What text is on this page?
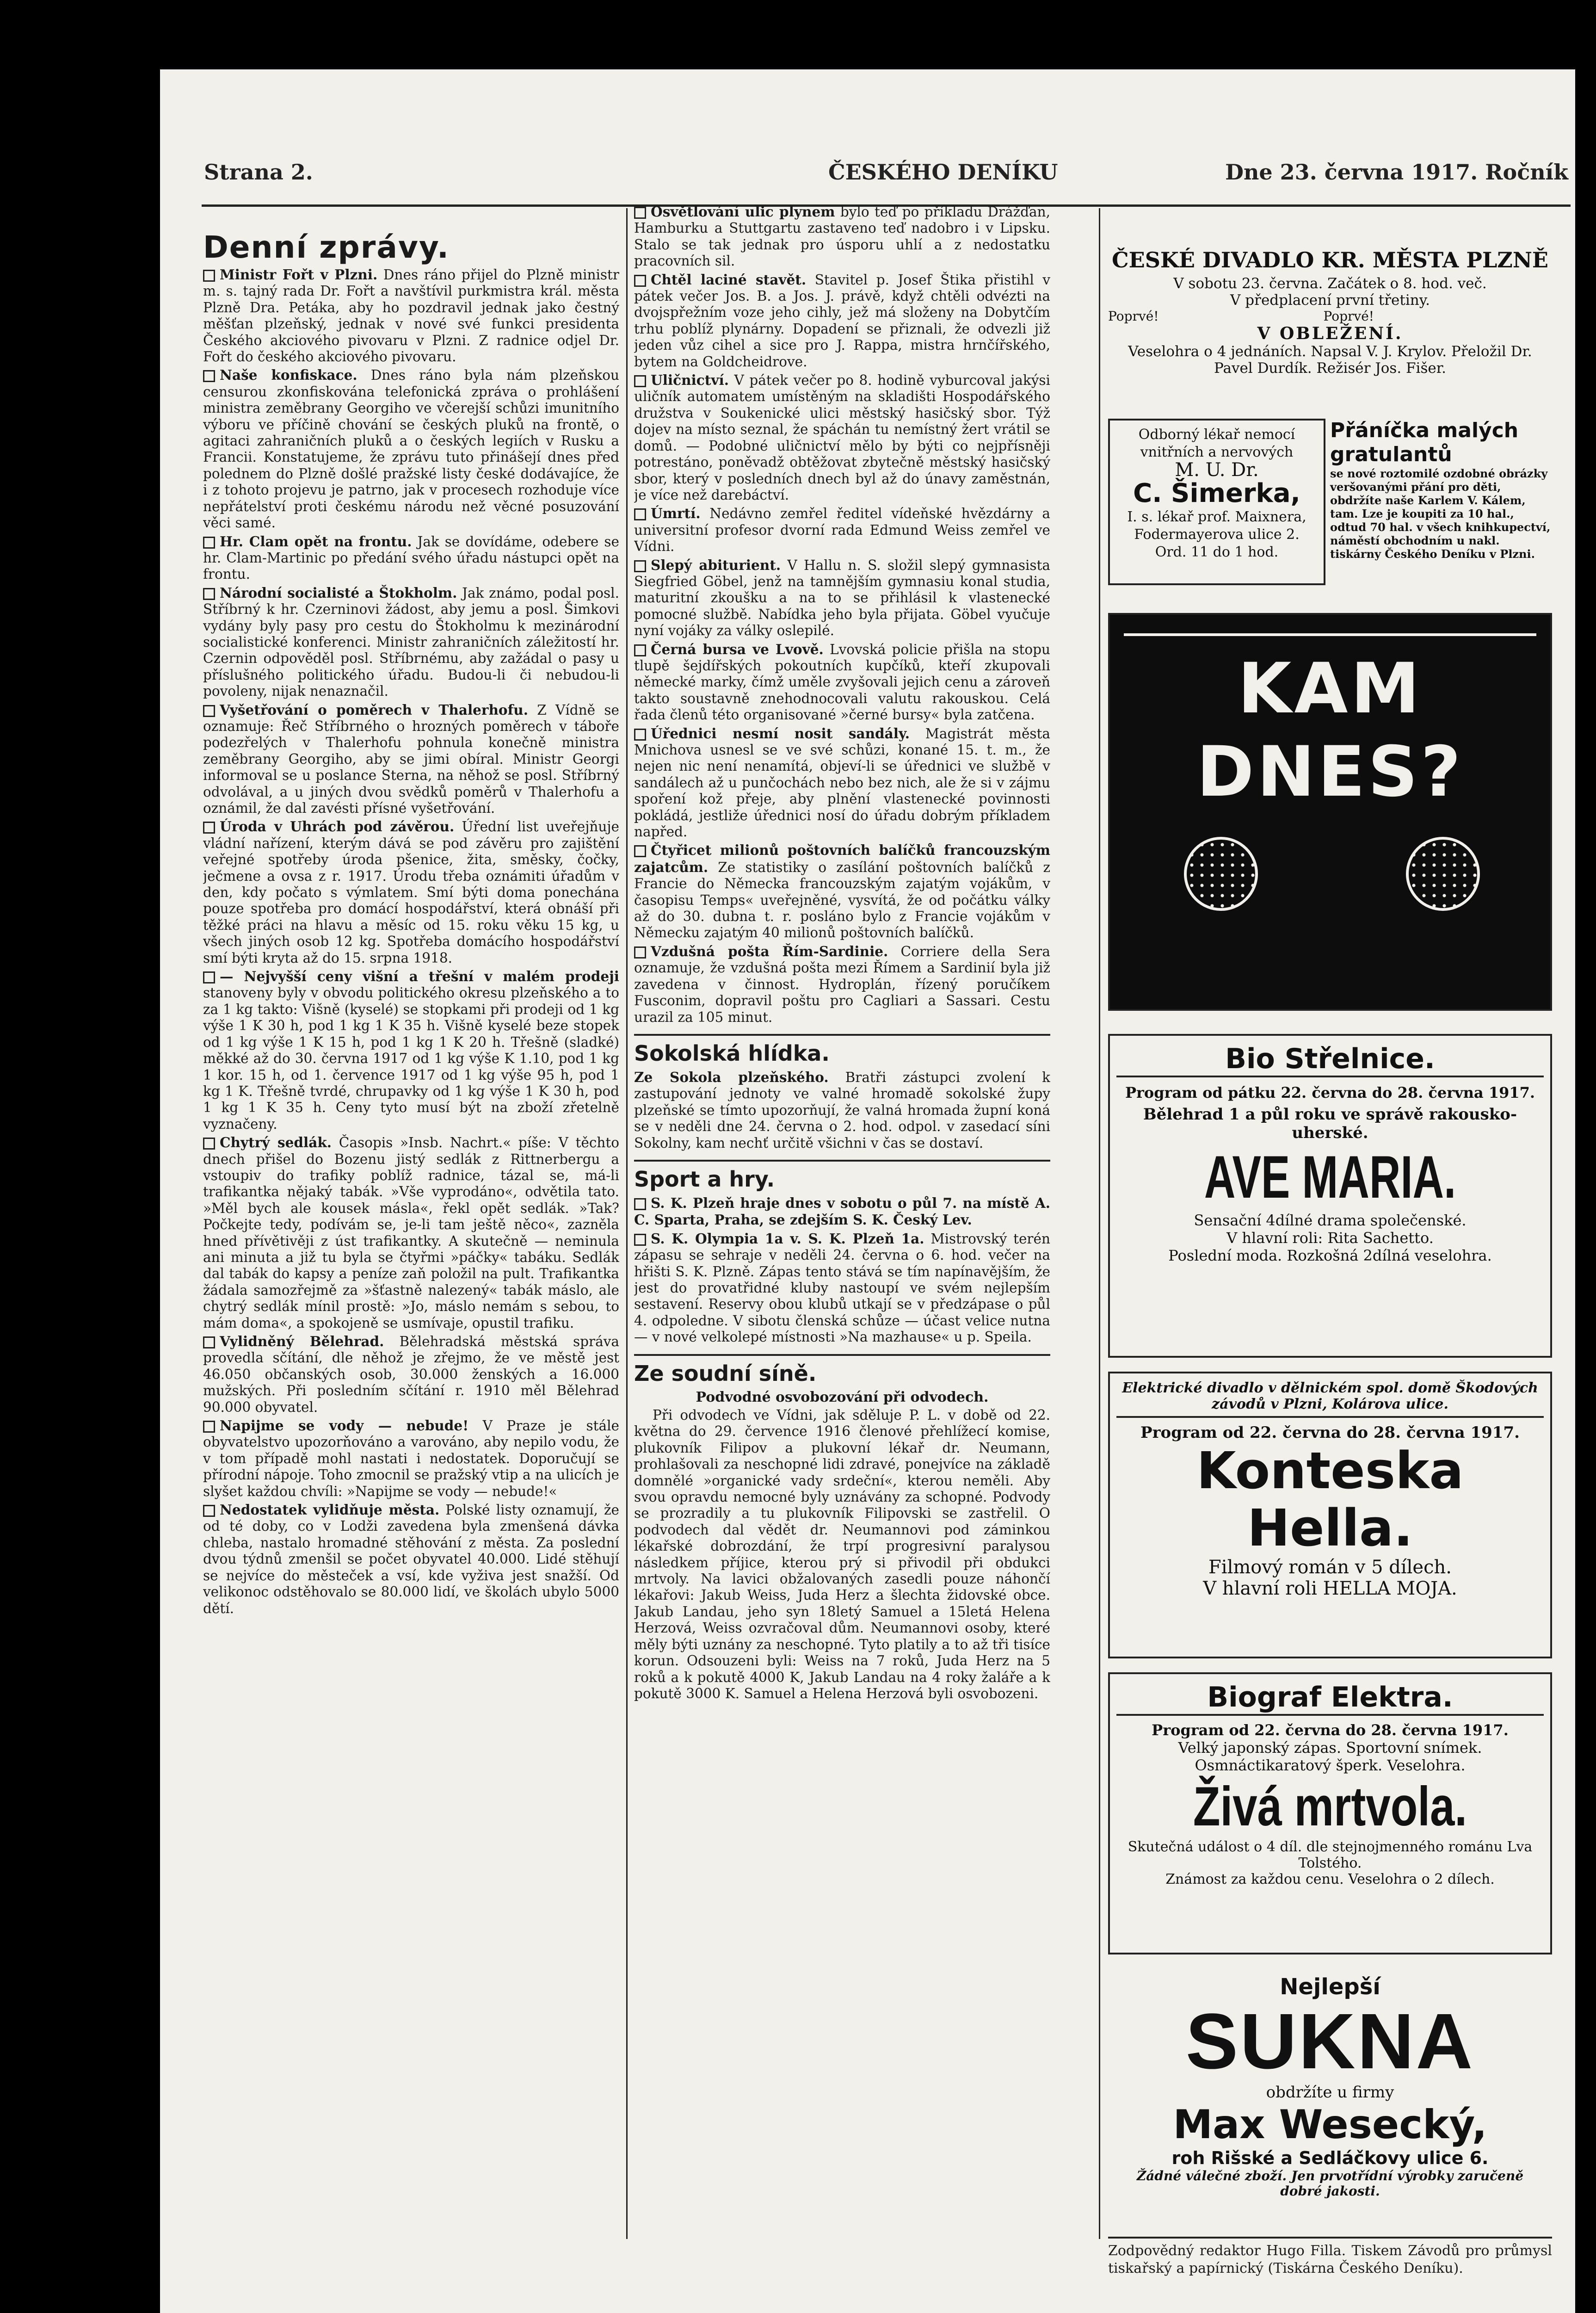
Strana 2.	ČESKÉHO DENÍKU	Dne 23. června 1917. Ročník
Denní zprávy.

Ministr Fořt v Plzni. Dnes ráno přijel do Plzně ministr m. s. tajný rada Dr. Fořt a navštívil purkmistra král. města Plzně Dra. Petáka, aby ho pozdravil jednak jako čestný měšťan plzeňský, jednak v nové své funkci presidenta Českého akciového pivovaru v Plzni. Z radnice odjel Dr. Fořt do českého akciového pivovaru.

Naše konfiskace. Dnes ráno byla nám plzeňskou censurou zkonfiskována telefonická zpráva o prohlášení ministra zeměbrany Georgiho ve včerejší schůzi imunitního výboru ve příčině chování se českých pluků na frontě, o agitaci zahraničních pluků a o českých legiích v Rusku a Francii. Konstatujeme, že zprávu tuto přinášejí dnes před polednem do Plzně došlé pražské listy české dodávajíce, že i z tohoto projevu je patrno, jak v procesech rozhoduje více nepřátelství proti českému národu než věcné posuzování věci samé.

Hr. Clam opět na frontu. Jak se dovídáme, odebere se hr. Clam-Martinic po předání svého úřadu nástupci opět na frontu.

Národní socialisté a Štokholm. Jak známo, podal posl. Stříbrný k hr. Czerninovi žádost, aby jemu a posl. Šimkovi vydány byly pasy pro cestu do Štokholmu k mezinárodní socialistické konferenci. Ministr zahraničních záležitostí hr. Czernin odpověděl posl. Stříbrnému, aby zažádal o pasy u příslušného politického úřadu. Budou-li či nebudou-li povoleny, nijak nenaznačil.

Vyšetřování o poměrech v Thalerhofu. Z Vídně se oznamuje: Řeč Stříbrného o hrozných poměrech v táboře podezřelých v Thalerhofu pohnula konečně ministra zeměbrany Georgiho, aby se jimi obíral. Ministr Georgi informoval se u poslance Sterna, na něhož se posl. Stříbrný odvolával, a u jiných dvou svědků poměrů v Thalerhofu a oznámil, že dal zavésti přísné vyšetřování.

Úroda v Uhrách pod závěrou. Úřední list uveřejňuje vládní nařízení, kterým dává se pod závěru pro zajištění veřejné spotřeby úroda pšenice, žita, směsky, čočky, ječmene a ovsa z r. 1917. Úrodu třeba oznámiti úřadům v den, kdy počato s výmlatem. Smí býti doma ponechána pouze spotřeba pro domácí hospodářství, která obnáší při těžké práci na hlavu a měsíc od 15. roku věku 15 kg, u všech jiných osob 12 kg. Spotřeba domácího hospodářství smí býti kryta až do 15. srpna 1918.

— Nejvyšší ceny višní a třešní v malém prodeji stanoveny byly v obvodu politického okresu plzeňského a to za 1 kg takto: Višně (kyselé) se stopkami při prodeji od 1 kg výše 1 K 30 h, pod 1 kg 1 K 35 h. Višně kyselé beze stopek od 1 kg výše 1 K 15 h, pod 1 kg 1 K 20 h. Třešně (sladké) měkké až do 30. června 1917 od 1 kg výše K 1.10, pod 1 kg 1 kor. 15 h, od 1. července 1917 od 1 kg výše 95 h, pod 1 kg 1 K. Třešně tvrdé, chrupavky od 1 kg výše 1 K 30 h, pod 1 kg 1 K 35 h. Ceny tyto musí být na zboží zřetelně vyznačeny.

Chytrý sedlák. Časopis »Insb. Nachrt.« píše: V těchto dnech přišel do Bozenu jistý sedlák z Rittnerbergu a vstoupiv do trafiky poblíž radnice, tázal se, má-li trafikantka nějaký tabák. »Vše vyprodáno«, odvětila tato. »Měl bych ale kousek másla«, řekl opět sedlák. »Tak? Počkejte tedy, podívám se, je-li tam ještě něco«, zazněla hned přívětivěji z úst trafikantky. A skutečně — neminula ani minuta a již tu byla se čtyřmi »páčky« tabáku. Sedlák dal tabák do kapsy a peníze zaň položil na pult. Trafikantka žádala samozřejmě za »šťastně nalezený« tabák máslo, ale chytrý sedlák mínil prostě: »Jo, máslo nemám s sebou, to mám doma«, a spokojeně se usmívaje, opustil trafiku.

Vylidněný Bělehrad. Bělehradská městská správa provedla sčítání, dle něhož je zřejmo, že ve městě jest 46.050 občanských osob, 30.000 ženských a 16.000 mužských. Při posledním sčítání r. 1910 měl Bělehrad 90.000 obyvatel.

Napijme se vody — nebude! V Praze je stále obyvatelstvo upozorňováno a varováno, aby nepilo vodu, že v tom případě mohl nastati i nedostatek. Doporučují se přírodní nápoje. Toho zmocnil se pražský vtip a na ulicích je slyšet každou chvíli: »Napijme se vody — nebude!«

Nedostatek vylidňuje města. Polské listy oznamují, že od té doby, co v Lodži zavedena byla zmenšená dávka chleba, nastalo hromadné stěhování z města. Za poslední dvou týdnů zmenšil se počet obyvatel 40.000. Lidé stěhují se nejvíce do městeček a vsí, kde vyživa jest snažší. Od velikonoc odstěhovalo se 80.000 lidí, ve školách ubylo 5000 dětí.

Osvětlování ulic plynem bylo teď po příkladu Drážďan, Hamburku a Stuttgartu zastaveno teď nadobro i v Lipsku. Stalo se tak jednak pro úsporu uhlí a z nedostatku pracovních sil.

Chtěl laciné stavět. Stavitel p. Josef Štika přistihl v pátek večer Jos. B. a Jos. J. právě, když chtěli odvézti na dvojspřežním voze jeho cihly, jež má složeny na Dobytčím trhu poblíž plynárny. Dopadení se přiznali, že odvezli již jeden vůz cihel a sice pro J. Rappa, mistra hrnčířského, bytem na Goldcheidrove.

Uličnictví. V pátek večer po 8. hodině vyburcoval jakýsi uličník automatem umístěným na skladišti Hospodářského družstva v Soukenické ulici městský hasičský sbor. Týž dojev na místo seznal, že spáchán tu nemístný žert vrátil se domů. — Podobné uličnictví mělo by býti co nejpřísněji potrestáno, poněvadž obtěžovat zbytečně městský hasičský sbor, který v posledních dnech byl až do únavy zaměstnán, je více než darebáctví.

Úmrtí. Nedávno zemřel ředitel vídeňské hvězdárny a universitní profesor dvorní rada Edmund Weiss zemřel ve Vídni.

Slepý abiturient. V Hallu n. S. složil slepý gymnasista Siegfried Göbel, jenž na tamnějším gymnasiu konal studia, maturitní zkoušku a na to se přihlásil k vlastenecké pomocné službě. Nabídka jeho byla přijata. Göbel vyučuje nyní vojáky za války oslepilé.

Černá bursa ve Lvově. Lvovská policie přišla na stopu tlupě šejdířských pokoutních kupčíků, kteří zkupovali německé marky, čímž uměle zvyšovali jejich cenu a zároveň takto soustavně znehodnocovali valutu rakouskou. Celá řada členů této organisované »černé bursy« byla zatčena.

Úřednici nesmí nosit sandály. Magistrát města Mnichova usnesl se ve své schůzi, konané 15. t. m., že nejen nic není nenamítá, objeví-li se úřednici ve službě v sandálech až u punčochách nebo bez nich, ale že si v zájmu spoření kož přeje, aby plnění vlastenecké povinnosti pokládá, jestliže úřednici nosí do úřadu dobrým příkladem napřed.

Čtyřicet milionů poštovních balíčků francouzským zajatcům. Ze statistiky o zasílání poštovních balíčků z Francie do Německa francouzským zajatým vojákům, v časopisu Temps« uveřejněné, vysvítá, že od počátku války až do 30. dubna t. r. posláno bylo z Francie vojákům v Německu zajatým 40 milionů poštovních balíčků.

Vzdušná pošta Řím-Sardinie. Corriere della Sera oznamuje, že vzdušná pošta mezi Římem a Sardinií byla již zavedena v činnost. Hydroplán, řízený poručíkem Fusconim, dopravil poštu pro Cagliari a Sassari. Cestu urazil za 105 minut.

Sokolská hlídka.

Ze Sokola plzeňského. Bratři zástupci zvolení k zastupování jednoty ve valné hromadě sokolské župy plzeňské se tímto upozorňují, že valná hromada župní koná se v neděli dne 24. června o 2. hod. odpol. v zasedací síni Sokolny, kam nechť určitě všichni v čas se dostaví.

Sport a hry.

S. K. Plzeň hraje dnes v sobotu o půl 7. na místě A. C. Sparta, Praha, se zdejším S. K. Český Lev.

S. K. Olympia 1a v. S. K. Plzeň 1a. Mistrovský terén zápasu se sehraje v neděli 24. června o 6. hod. večer na hřišti S. K. Plzně. Zápas tento stává se tím napínavějším, že jest do provatřidné kluby nastoupí ve svém nejlepším sestavení. Reservy obou klubů utkají se v předzápase o půl 4. odpoledne. V sibotu členská schůze — účast velice nutna — v nové velkolepé místnosti »Na mazhause« u p. Speila.

Ze soudní síně.
Podvodné osvobozování při odvodech.

Při odvodech ve Vídni, jak sděluje P. L. v době od 22. května do 29. července 1916 členové přehlížecí komise, plukovník Filipov a plukovní lékař dr. Neumann, prohlašovali za neschopné lidi zdravé, ponejvíce na základě domnělé »organické vady srdeční«, kterou neměli. Aby svou opravdu nemocné byly uznávány za schopné. Podvody se prozradily a tu plukovník Filipovski se zastřelil. O podvodech dal vědět dr. Neumannovi pod záminkou lékařské dobrozdání, že trpí progresivní paralysou následkem příjice, kterou prý si přivodil při obdukci mrtvoly. Na lavici obžalovaných zasedli pouze náhončí lékařovi: Jakub Weiss, Juda Herz a šlechta židovské obce. Jakub Landau, jeho syn 18letý Samuel a 15letá Helena Herzová, Weiss ozvračoval dům. Neumannovi osoby, které měly býti uznány za neschopné. Tyto platily a to až tři tisíce korun. Odsouzeni byli: Weiss na 7 roků, Juda Herz na 5 roků a k pokutě 4000 K, Jakub Landau na 4 roky žaláře a k pokutě 3000 K. Samuel a Helena Herzová byli osvobozeni.

ČESKÉ DIVADLO KR. MĚSTA PLZNĚ
V sobotu 23. června. Začátek o 8. hod. več.
V předplacení první třetiny.
Poprvé!                                        Poprvé!
V OBLEŽENÍ.
Veselohra o 4 jednáních. Napsal V. J. Krylov. Přeložil Dr. Pavel Durdík. Režisér Jos. Fišer.
Odborný lékař nemocí vnitřních a nervových
M. U. Dr.
C. Šimerka,
I. s. lékař prof. Maixnera, Fodermayerova ulice 2.
Ord. 11 do 1 hod.
Přáníčka malých gratulantů
se nové roztomilé ozdobné obrázky veršovanými přání pro děti, obdržíte naše Karlem V. Kálem, tam. Lze je koupiti za 10 hal., odtud 70 hal. v všech knihkupectví, náměstí obchodním u nakl. tiskárny Českého Deníku v Plzni.
KAM DNES?
Bio Střelnice.
Program od pátku 22. června do 28. června 1917.
Bělehrad 1 a půl roku ve správě rakousko-uherské.
AVE MARIA.
Sensační 4dílné drama společenské.
V hlavní roli: Rita Sachetto.
Poslední moda. Rozkošná 2dílná veselohra.
Elektrické divadlo v dělnickém spol. domě Škodových závodů v Plzni, Kolárova ulice.
Program od 22. června do 28. června 1917.
Konteska
Hella.
Filmový román v 5 dílech.
V hlavní roli HELLA MOJA.
Biograf Elektra.
Program od 22. června do 28. června 1917.
Velký japonský zápas. Sportovní snímek.
Osmnáctikaratový šperk. Veselohra.
Živá mrtvola.
Skutečná událost o 4 díl. dle stejnojmenného románu Lva Tolstého.
Známost za každou cenu. Veselohra o 2 dílech.
Nejlepší
SUKNA
obdržíte u firmy
Max Wesecký,
roh Rišské a Sedláčkovy ulice 6.
Žádné válečné zboží. Jen prvotřídní výrobky zaručeně dobré jakosti.
Zodpovědný redaktor Hugo Filla. Tiskem Závodů pro průmysl tiskařský a papírnický (Tiskárna Českého Deníku).
